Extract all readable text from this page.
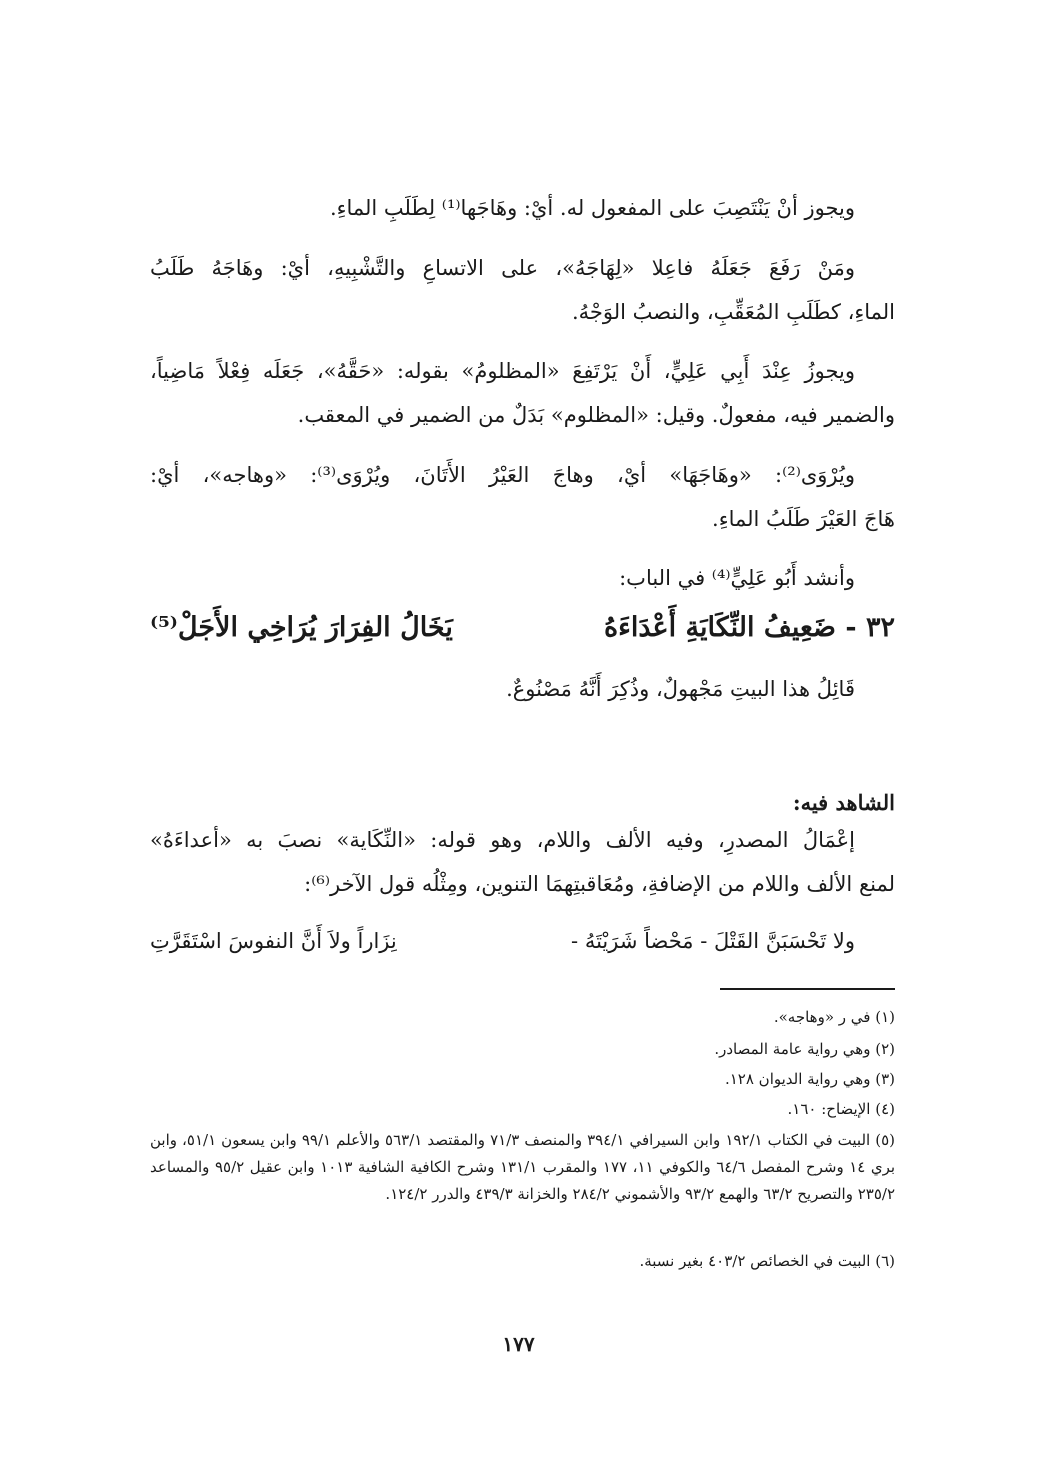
ويجوز أنْ يَنْتَصِبَ على المفعول له. أيْ: وهَاجَها⁽¹⁾ لِطَلَبِ الماءِ.
ومَنْ رَفَعَ جَعَلَهُ فاعِلا «لِهَاجَهُ»، على الاتساعِ والتَّشْبِيهِ، أيْ: وهَاجَهُ طَلَبُ
الماءِ، كطَلَبِ المُعَقِّبِ، والنصبُ الوَجْهُ.
ويجوزُ عِنْدَ أَبِي عَلِيٍّ، أَنْ يَرْتَفِعَ «المظلومُ» بقوله: «حَقَّهُ»، جَعَلَه فِعْلاً مَاضِياً،
والضمير فيه، مفعولٌ. وقيل: «المظلوم» بَدَلٌ من الضمير في المعقب.
ويُرْوَى⁽²⁾: «وهَاجَهَا» أيْ، وهاجَ العَيْرُ الأَتَانَ، ويُرْوَى⁽³⁾: «وهاجه»، أيْ:
هَاجَ العَيْرَ طَلَبُ الماءِ.
وأنشد أَبُو عَلِيٍّ⁽⁴⁾ في الباب:
٣٢ - ضَعِيفُ النِّكَايَةِ أَعْدَاءَهُ
يَخَالُ الفِرَارَ يُرَاخِي الأَجَلْ⁽⁵⁾
قَائِلُ هذا البيتِ مَجْهولٌ، وذُكِرَ أَنَّهُ مَصْنُوعٌ.
الشاهد فيه:
إعْمَالُ المصدرِ، وفيه الألف واللام، وهو قوله: «النِّكَاية» نصبَ به «أعداءَهُ»
لمنع الألف واللام من الإضافةِ، ومُعَاقبتِهمَا التنوين، ومِثْلُه قول الآخر⁽⁶⁾:
ولا تَحْسَبَنَّ القَتْلَ - مَحْضاً شَرَيْتَهُ -
نِزَاراً ولاَ أَنَّ النفوسَ اسْتَقَرَّتِ
(١) في ر «وهاجه».
(٢) وهي رواية عامة المصادر.
(٣) وهي رواية الديوان ١٢٨.
(٤) الإيضاح: ١٦٠.
(٥) البيت في الكتاب ١٩٢/١ وابن السيرافي ٣٩٤/١ والمنصف ٧١/٣ والمقتصد ٥٦٣/١ والأعلم ٩٩/١ وابن يسعون ٥١/١، وابن بري ١٤ وشرح المفصل ٦٤/٦ والكوفي ١١، ١٧٧ والمقرب ١٣١/١ وشرح الكافية الشافية ١٠١٣ وابن عقيل ٩٥/٢ والمساعد ٢٣٥/٢ والتصريح ٦٣/٢ والهمع ٩٣/٢ والأشموني ٢٨٤/٢ والخزانة ٤٣٩/٣ والدرر ١٢٤/٢.
(٦) البيت في الخصائص ٤٠٣/٢ بغير نسبة.
١٧٧
